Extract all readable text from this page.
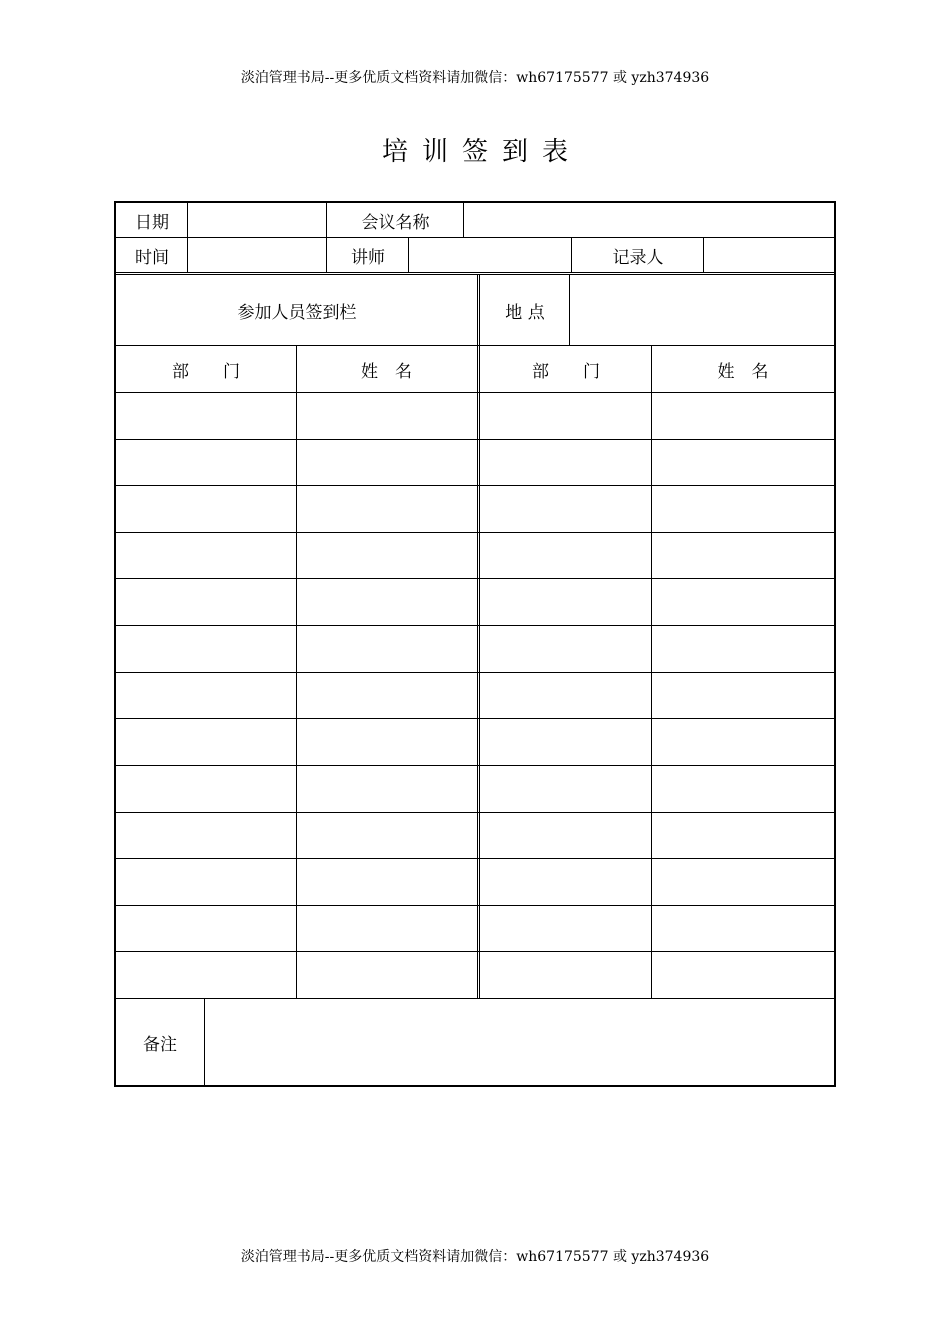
淡泊管理书局--更多优质文档资料请加微信：wh67175577 或 yzh374936
培训签到表
日期	会议名称
时间	讲师	记录人
参加人员签到栏	地 点
部　　门	姓　名	部　　门	姓　名
备注
淡泊管理书局--更多优质文档资料请加微信：wh67175577 或 yzh374936
